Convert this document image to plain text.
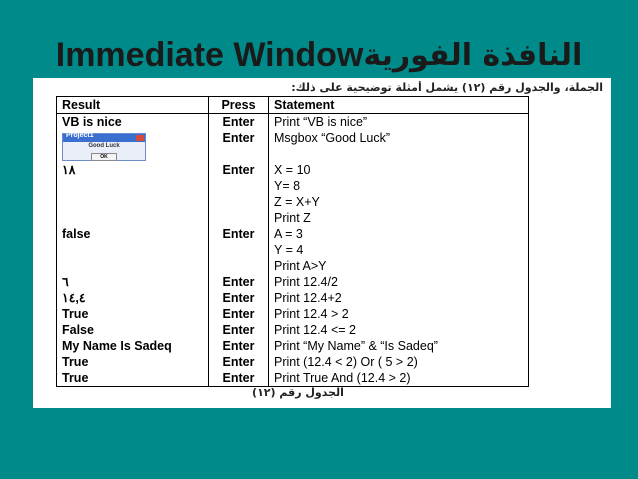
Immediate Window النافذة الفورية
الجملة، والجدول رقم (١٢) يشمل أمثلة توضيحية على ذلك:
Result	Press	Statement
VB is nice	Enter	Print “VB is nice”

Project1
Good Luck
OK	Enter	Msgbox “Good Luck”

١٨	Enter	X = 10
		Y= 8
		Z = X+Y
		Print Z
false	Enter	A = 3
		Y = 4
		Print A>Y
٦	Enter	Print 12.4/2
١٤,٤	Enter	Print 12.4+2
True	Enter	Print 12.4 > 2
False	Enter	Print 12.4 <= 2
My Name Is Sadeq	Enter	Print “My Name” & “Is Sadeq”
True	Enter	Print (12.4 < 2) Or ( 5 > 2)
True	Enter	Print True And (12.4 > 2)
الجدول رقم (١٢)
